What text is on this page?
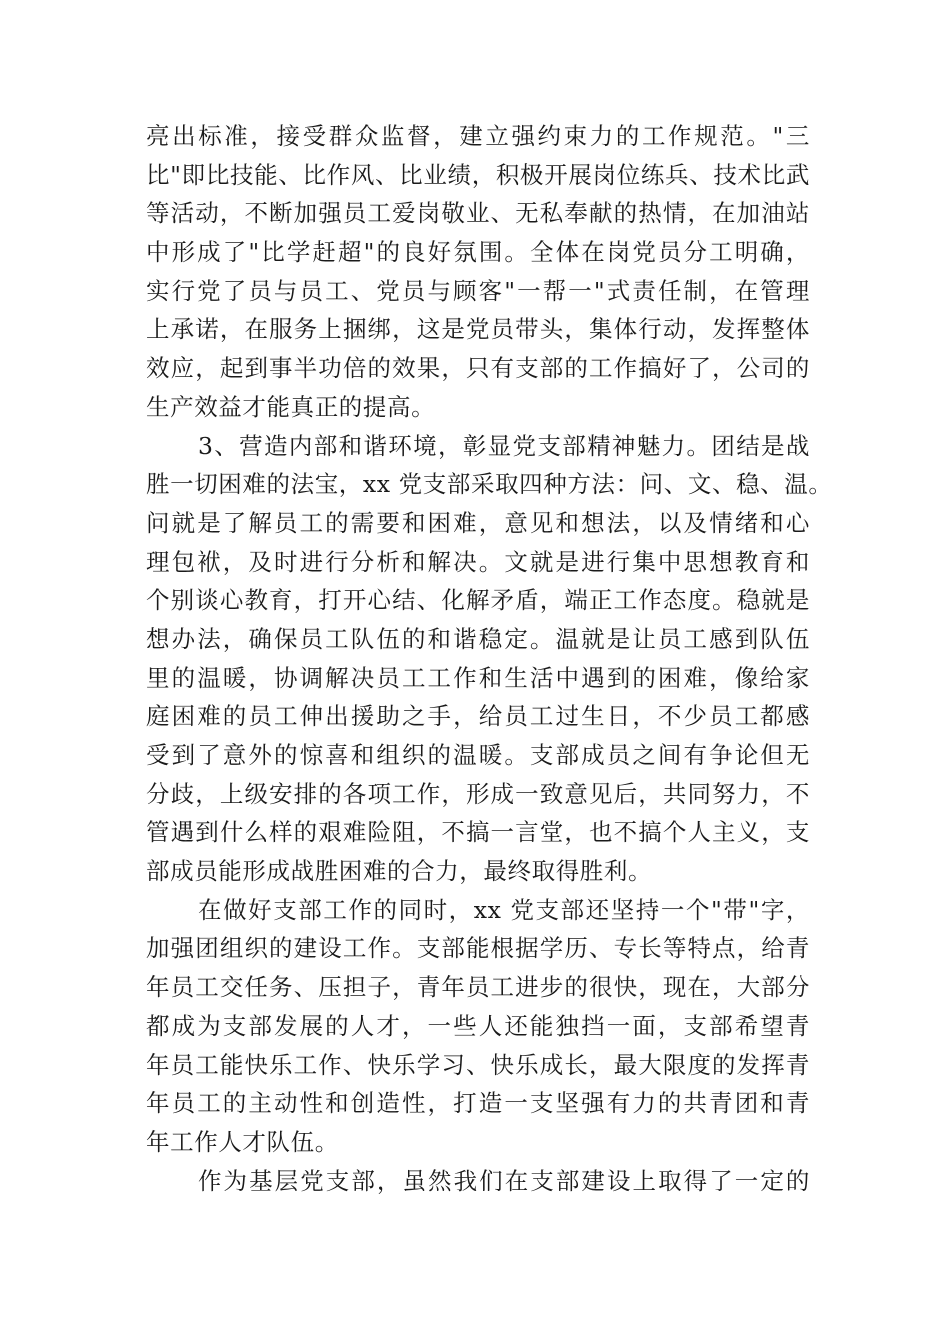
亮出标准，接受群众监督，建立强约束力的工作规范。"三
比"即比技能、比作风、比业绩，积极开展岗位练兵、技术比武
等活动，不断加强员工爱岗敬业、无私奉献的热情，在加油站
中形成了"比学赶超"的良好氛围。全体在岗党员分工明确，
实行党了员与员工、党员与顾客"一帮一"式责任制，在管理
上承诺，在服务上捆绑，这是党员带头，集体行动，发挥整体
效应，起到事半功倍的效果，只有支部的工作搞好了，公司的
生产效益才能真正的提高。
3、营造内部和谐环境，彰显党支部精神魅力。团结是战
胜一切困难的法宝，xx 党支部采取四种方法：问、文、稳、温。
问就是了解员工的需要和困难，意见和想法，以及情绪和心
理包袱，及时进行分析和解决。文就是进行集中思想教育和
个别谈心教育，打开心结、化解矛盾，端正工作态度。稳就是
想办法，确保员工队伍的和谐稳定。温就是让员工感到队伍
里的温暖，协调解决员工工作和生活中遇到的困难，像给家
庭困难的员工伸出援助之手，给员工过生日，不少员工都感
受到了意外的惊喜和组织的温暖。支部成员之间有争论但无
分歧，上级安排的各项工作，形成一致意见后，共同努力，不
管遇到什么样的艰难险阻，不搞一言堂，也不搞个人主义，支
部成员能形成战胜困难的合力，最终取得胜利。
在做好支部工作的同时，xx 党支部还坚持一个"带"字，
加强团组织的建设工作。支部能根据学历、专长等特点，给青
年员工交任务、压担子，青年员工进步的很快，现在，大部分
都成为支部发展的人才，一些人还能独挡一面，支部希望青
年员工能快乐工作、快乐学习、快乐成长，最大限度的发挥青
年员工的主动性和创造性，打造一支坚强有力的共青团和青
年工作人才队伍。
作为基层党支部，虽然我们在支部建设上取得了一定的
